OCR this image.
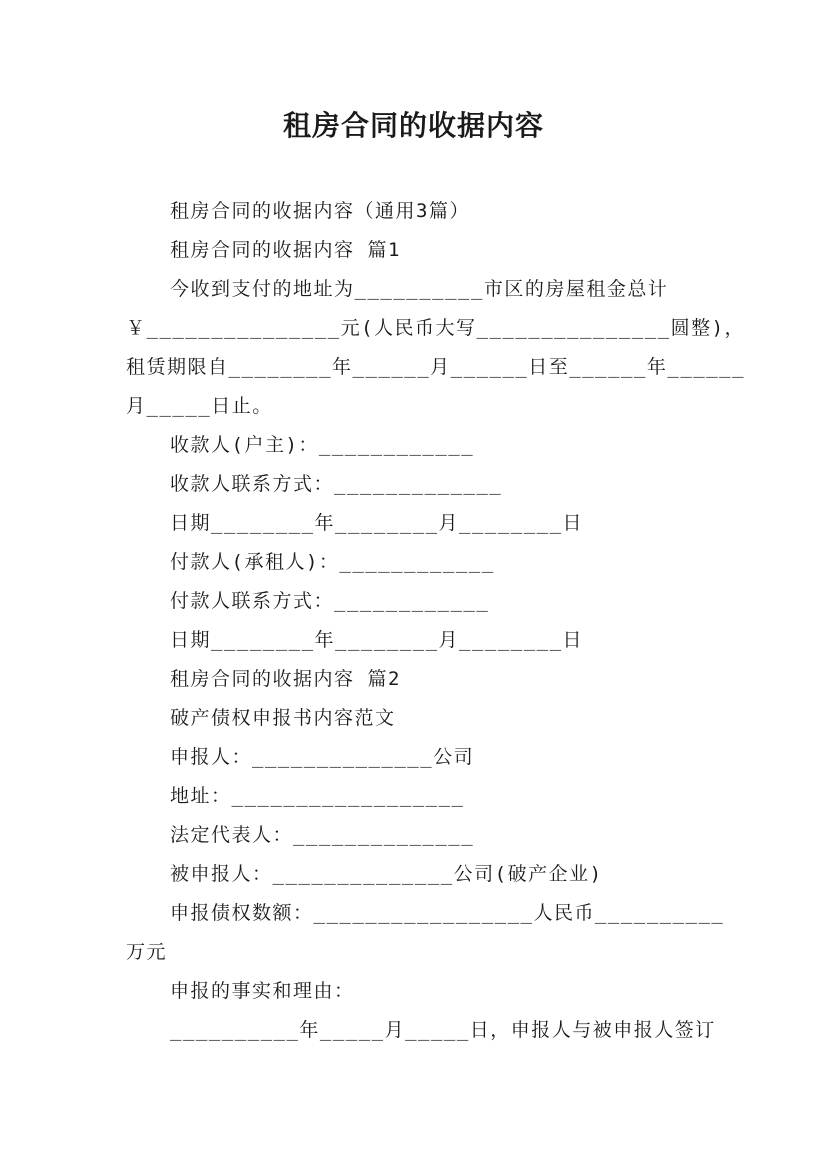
租房合同的收据内容
租房合同的收据内容（通用3篇）
租房合同的收据内容 篇1
今收到支付的地址为__________市区的房屋租金总计
￥_______________元(人民币大写_______________圆整)，
租赁期限自________年______月______日至______年______
月_____日止。
收款人(户主)：____________
收款人联系方式：_____________
日期________年________月________日
付款人(承租人)：____________
付款人联系方式：____________
日期________年________月________日
租房合同的收据内容 篇2
破产债权申报书内容范文
申报人：______________公司
地址：__________________
法定代表人：______________
被申报人：______________公司(破产企业)
申报债权数额：_________________人民币__________
万元
申报的事实和理由：
__________年_____月_____日，申报人与被申报人签订
